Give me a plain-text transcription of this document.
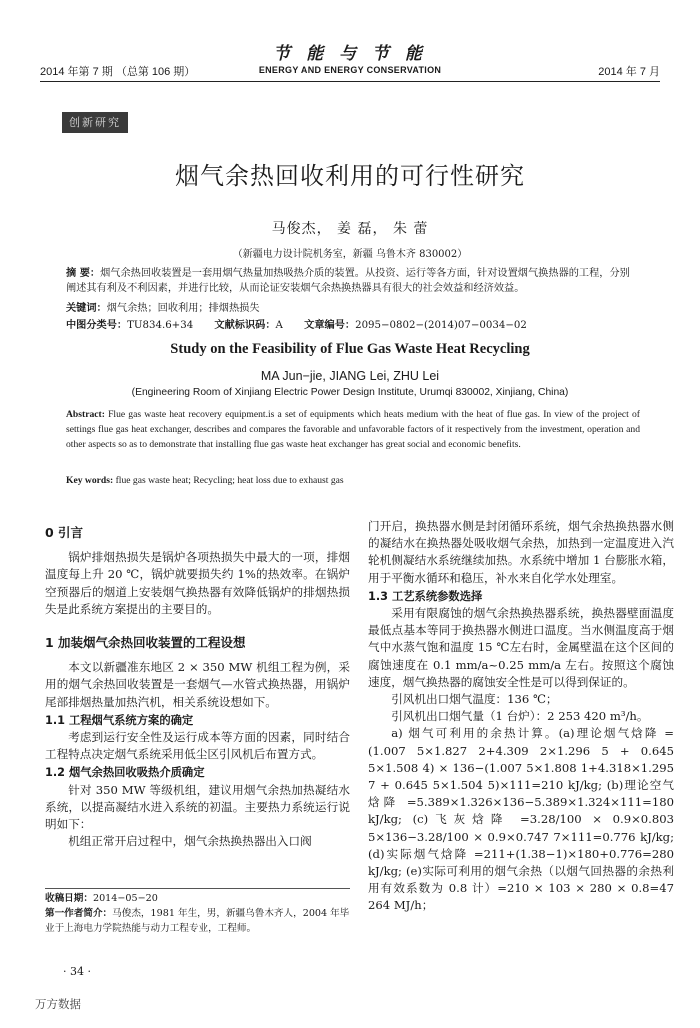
2014 年第 7 期 （总第 106 期）
节 能 与 节 能
ENERGY AND ENERGY CONSERVATION	2014 年 7 月
创新研究
烟气余热回收利用的可行性研究
马俊杰， 姜 磊， 朱 蕾
（新疆电力设计院机务室，新疆 乌鲁木齐 830002）
摘 要：烟气余热回收装置是一套用烟气热量加热吸热介质的装置。从投资、运行等各方面，针对设置烟气换热器的工程，分别阐述其有利及不利因素，并进行比较，从而论证安装烟气余热换热器具有很大的社会效益和经济效益。
关键词：烟气余热；回收利用；排烟热损失
中图分类号：TU834.6+34 文献标识码：A 文章编号：2095−0802−(2014)07−0034−02
Study on the Feasibility of Flue Gas Waste Heat Recycling
MA Jun−jie, JIANG Lei, ZHU Lei
(Engineering Room of Xinjiang Electric Power Design Institute, Urumqi 830002, Xinjiang, China)
Abstract: Flue gas waste heat recovery equipment.is a set of equipments which heats medium with the heat of flue gas. In view of the project of settings flue gas heat exchanger, describes and compares the favorable and unfavorable factors of it respectively from the investment, operation and other aspects so as to demonstrate that installing flue gas waste heat exchanger has great social and economic benefits.
Key words: flue gas waste heat; Recycling; heat loss due to exhaust gas
0 引言

锅炉排烟热损失是锅炉各项热损失中最大的一项，排烟温度每上升 20 ℃，锅炉就要损失约 1%的热效率。在锅炉空预器后的烟道上安装烟气换热器有效降低锅炉的排烟热损失是此系统方案提出的主要目的。

1 加装烟气余热回收装置的工程设想

本文以新疆准东地区 2 × 350 MW 机组工程为例，采用的烟气余热回收装置是一套烟气—水管式换热器，用锅炉尾部排烟热量加热汽机，相关系统设想如下。

1.1 工程烟气系统方案的确定

考虑到运行安全性及运行成本等方面的因素，同时结合工程特点决定烟气系统采用低尘区引风机后布置方式。

1.2 烟气余热回收吸热介质确定

针对 350 MW 等级机组，建议用烟气余热加热凝结水系统，以提高凝结水进入系统的初温。主要热力系统运行说明如下：

机组正常开启过程中，烟气余热换热器出入口阀

门开启，换热器水侧是封闭循环系统，烟气余热换热器水侧的凝结水在换热器处吸收烟气余热，加热到一定温度进入汽轮机侧凝结水系统继续加热。水系统中增加 1 台膨胀水箱，用于平衡水循环和稳压，补水来自化学水处理室。

1.3 工艺系统参数选择

采用有限腐蚀的烟气余热换热器系统，换热器壁面温度最低点基本等同于换热器水侧进口温度。当水侧温度高于烟气中水蒸气饱和温度 15 ℃左右时，金属壁温在这个区间的腐蚀速度在 0.1 mm/a~0.25 mm/a 左右。按照这个腐蚀速度，烟气换热器的腐蚀安全性是可以得到保证的。

引风机出口烟气温度：136 ℃；

引风机出口烟气量（1 台炉）：2 253 420 m³/h。

a) 烟气可利用的余热计算。(a)理论烟气焓降 = (1.007 5×1.827 2+4.309 2×1.296 5 + 0.645 5×1.508 4) × 136−(1.007 5×1.808 1+4.318×1.295 7 + 0.645 5×1.504 5)×111=210 kJ/kg; (b)理论空气焓降 =5.389×1.326×136−5.389×1.324×111=180 kJ/kg; (c)飞灰焓降 =3.28/100 × 0.9×0.803 5×136−3.28/100 × 0.9×0.747 7×111=0.776 kJ/kg; (d)实际烟气焓降 =211+(1.38−1)×180+0.776=280 kJ/kg; (e)实际可利用的烟气余热（以烟气回热器的余热利用有效系数为 0.8 计）=210 × 103 × 280 × 0.8=47 264 MJ/h；

收稿日期：2014−05−20
第一作者简介：马俊杰，1981 年生，男，新疆乌鲁木齐人，2004 年毕业于上海电力学院热能与动力工程专业，工程师。
· 34 ·
万方数据
